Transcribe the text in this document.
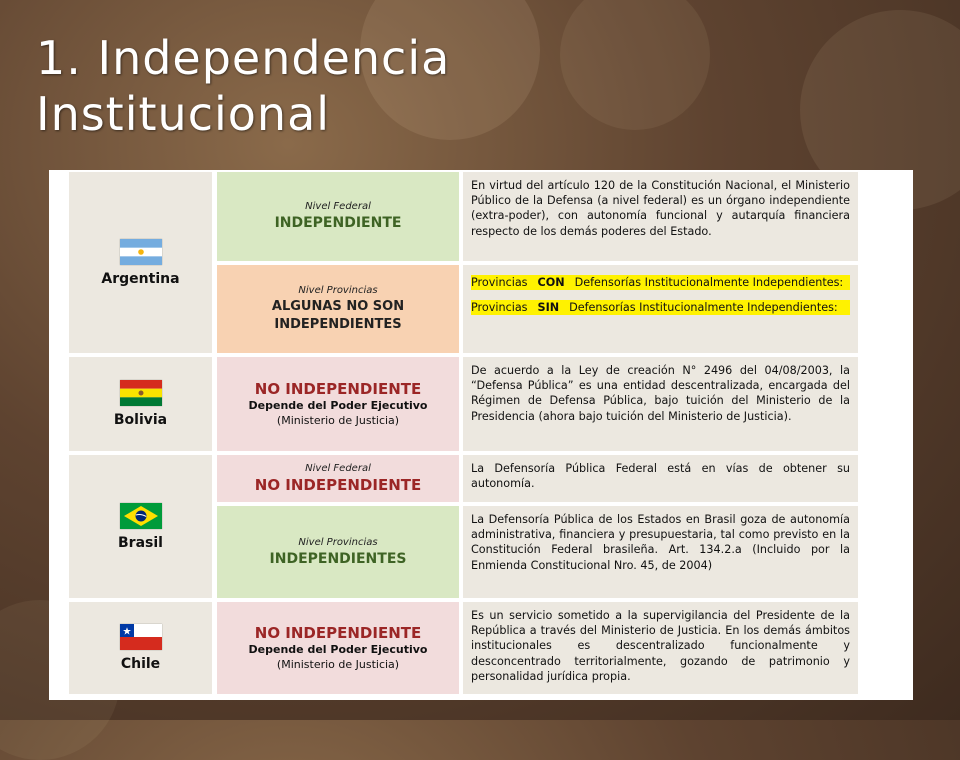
1. Independencia
Institucional
Argentina
Nivel Federal
INDEPENDIENTE
En virtud del artículo 120 de la Constitución Nacional, el Ministerio Público de la Defensa (a nivel federal) es un órgano independiente (extra-poder), con autonomía funcional y autarquía financiera respecto de los demás poderes del Estado.
Nivel Provincias
ALGUNAS NO SON
INDEPENDIENTES
Provincias CON Defensorías Institucionalmente Independientes:
Provincias SIN Defensorías Institucionalmente Independientes:
Bolivia
NO INDEPENDIENTE
Depende del Poder Ejecutivo
(Ministerio de Justicia)
De acuerdo a la Ley de creación N° 2496 del 04/08/2003, la “Defensa Pública” es una entidad descentralizada, encargada del Régimen de Defensa Pública, bajo tuición del Ministerio de la Presidencia (ahora bajo tuición del Ministerio de Justicia).
Brasil
Nivel Federal
NO INDEPENDIENTE
La Defensoría Pública Federal está en vías de obtener su autonomía.
Nivel Provincias
INDEPENDIENTES
La Defensoría Pública de los Estados en Brasil goza de autonomía administrativa, financiera y presupuestaria, tal como previsto en la Constitución Federal brasileña. Art. 134.2.a (Incluido por la Enmienda Constitucional Nro. 45, de 2004)
Chile
NO INDEPENDIENTE
Depende del Poder Ejecutivo
(Ministerio de Justicia)
Es un servicio sometido a la supervigilancia del Presidente de la República a través del Ministerio de Justicia. En los demás ámbitos institucionales es descentralizado funcionalmente y desconcentrado territorialmente, gozando de patrimonio y personalidad jurídica propia.
